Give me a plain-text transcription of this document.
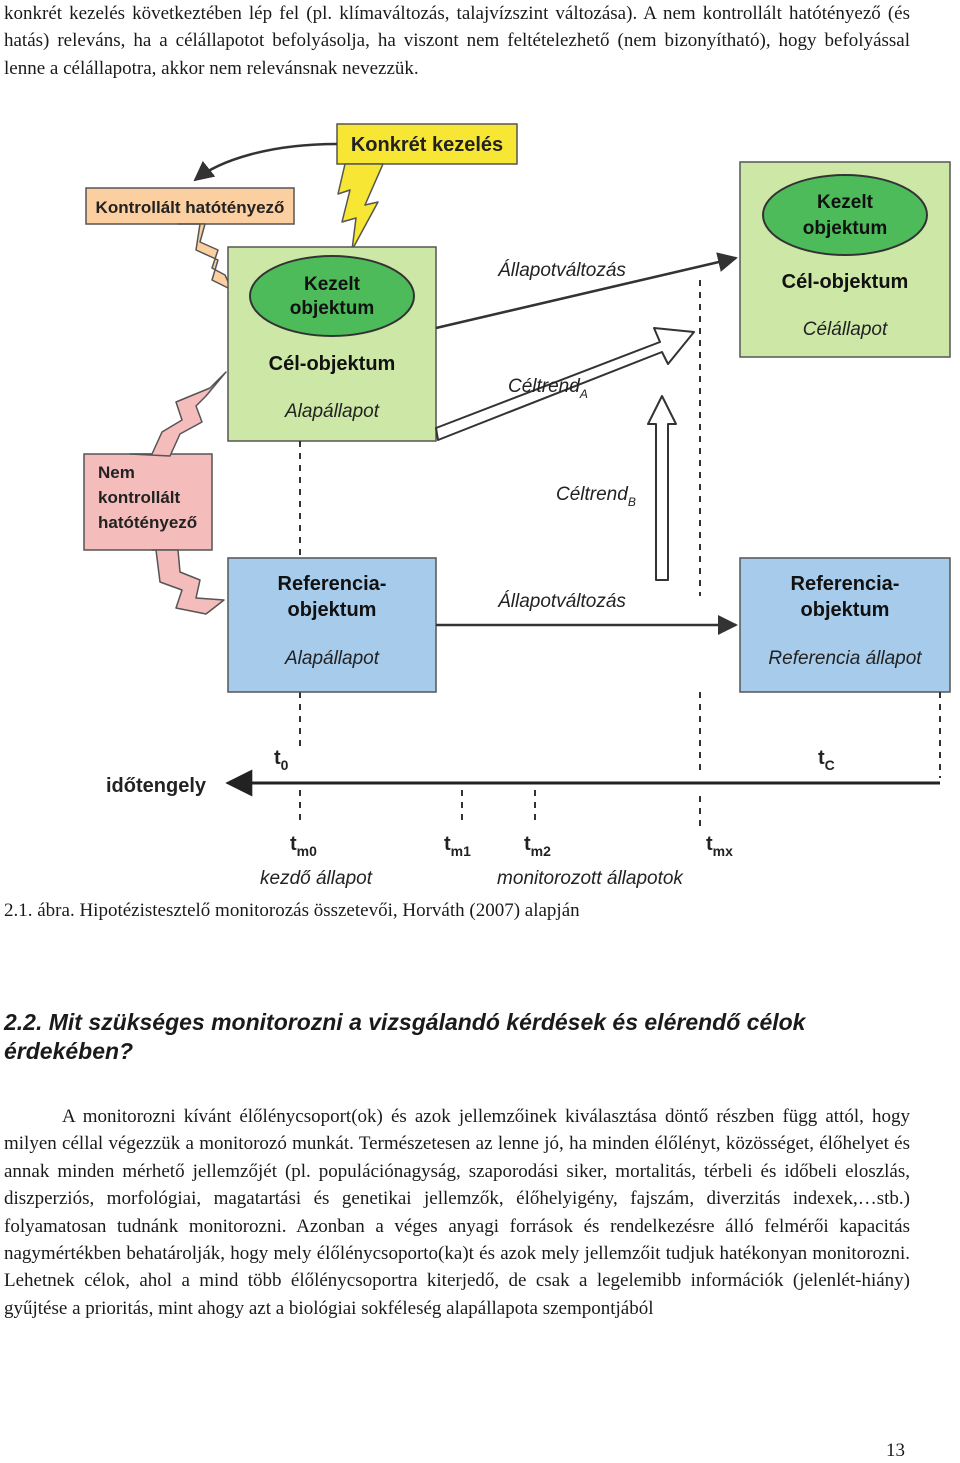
konkrét kezelés következtében lép fel (pl. klímaváltozás, talajvízszint változása). A nem kontrollált hatótényező (és hatás) releváns, ha a célállapotot befolyásolja, ha viszont nem feltételezhető (nem bizonyítható), hogy befolyással lenne a célállapotra, akkor nem relevánsnak nevezzük.

Konkrét kezelés
Kontrollált hatótényező
Kezelt
objektum
Cél-objektum
Alapállapot
Kezelt
objektum
Cél-objektum
Célállapot
Állapotváltozás
Céltrend$_A$
Céltrend$_B$
Nem
kontrollált
hatótényező
Referencia-
objektum
Alapállapot
Referencia-
objektum
Referencia állapot
Állapotváltozás
időtengely
$t_0$	$t_C$
$t_{m0}$	$t_{m1}$	$t_{m2}$	$t_{mx}$
kezdő állapot	monitorozott állapotok

2.1. ábra. Hipotézistesztelő monitorozás összetevői, Horváth (2007) alapján

2.2. Mit szükséges monitorozni a vizsgálandó kérdések és elérendő célok érdekében?

A monitorozni kívánt élőlénycsoport(ok) és azok jellemzőinek kiválasztása döntő részben függ attól, hogy milyen céllal végezzük a monitorozó munkát. Természetesen az lenne jó, ha minden élőlényt, közösséget, élőhelyet és annak minden mérhető jellemzőjét (pl. populációnagyság, szaporodási siker, mortalitás, térbeli és időbeli eloszlás, diszperziós, morfológiai, magatartási és genetikai jellemzők, élőhelyigény, fajszám, diverzitás indexek,…stb.) folyamatosan tudnánk monitorozni. Azonban a véges anyagi források és rendelkezésre álló felmérői kapacitás nagymértékben behatárolják, hogy mely élőlénycsoporto(ka)t és azok mely jellemzőit tudjuk hatékonyan monitorozni. Lehetnek célok, ahol a mind több élőlénycsoportra kiterjedő, de csak a legelemibb információk (jelenlét-hiány) gyűjtése a prioritás, mint ahogy azt a biológiai sokféleség alapállapota szempontjából

13
